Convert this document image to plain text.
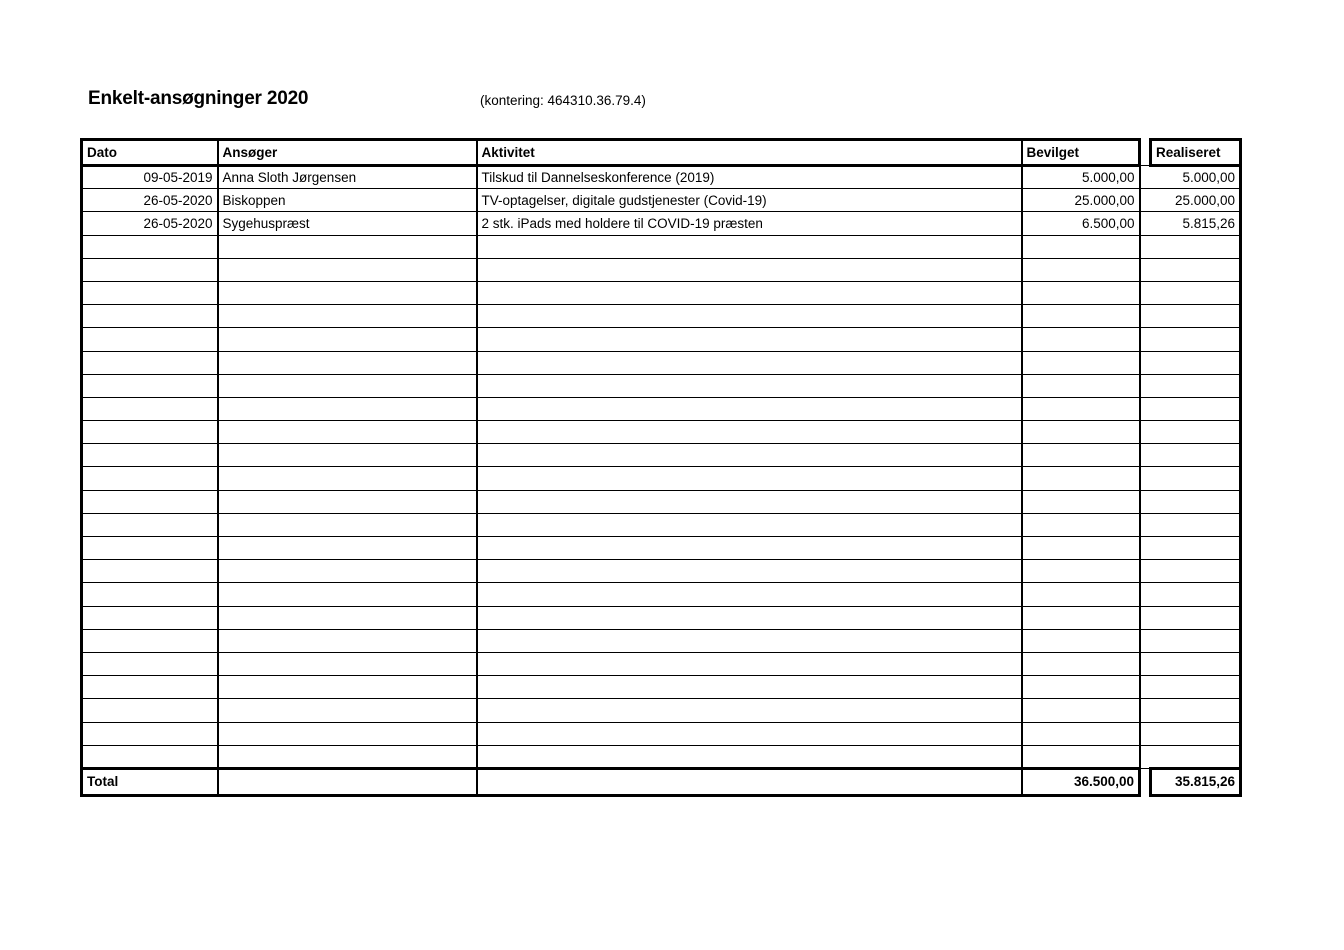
Enkelt-ansøgninger 2020	(kontering: 464310.36.79.4)
Dato	Ansøger	Aktivitet	Bevilget		Realiseret
09-05-2019	Anna Sloth Jørgensen	Tilskud til Dannelseskonference (2019)	5.000,00		5.000,00
26-05-2020	Biskoppen	TV-optagelser, digitale gudstjenester (Covid-19)	25.000,00		25.000,00
26-05-2020	Sygehuspræst	2 stk. iPads med holdere til COVID-19 præsten	6.500,00		5.815,26

Total			36.500,00		35.815,26
